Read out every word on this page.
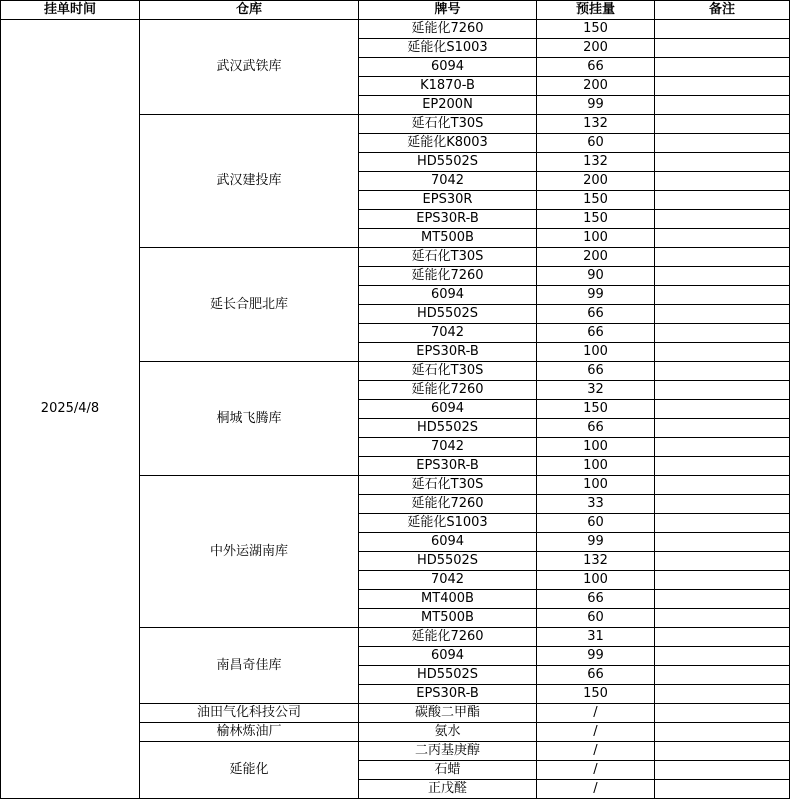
挂单时间	仓库	牌号	预挂量	备注
2025/4/8	武汉武铁库	延能化7260	150	
		延能化S1003	200	
		6094	66	
		K1870-B	200	
		EP200N	99	
	武汉建投库	延石化T30S	132	
		延能化K8003	60	
		HD5502S	132	
		7042	200	
		EPS30R	150	
		EPS30R-B	150	
		MT500B	100	
	延长合肥北库	延石化T30S	200	
		延能化7260	90	
		6094	99	
		HD5502S	66	
		7042	66	
		EPS30R-B	100	
	桐城飞腾库	延石化T30S	66	
		延能化7260	32	
		6094	150	
		HD5502S	66	
		7042	100	
		EPS30R-B	100	
	中外运湖南库	延石化T30S	100	
		延能化7260	33	
		延能化S1003	60	
		6094	99	
		HD5502S	132	
		7042	100	
		MT400B	66	
		MT500B	60	
	南昌奇佳库	延能化7260	31	
		6094	99	
		HD5502S	66	
		EPS30R-B	150	
	油田气化科技公司	碳酸二甲酯	/	
	榆林炼油厂	氨水	/	
	延能化	二丙基庚醇	/	
		石蜡	/	
		正戊醛	/	
